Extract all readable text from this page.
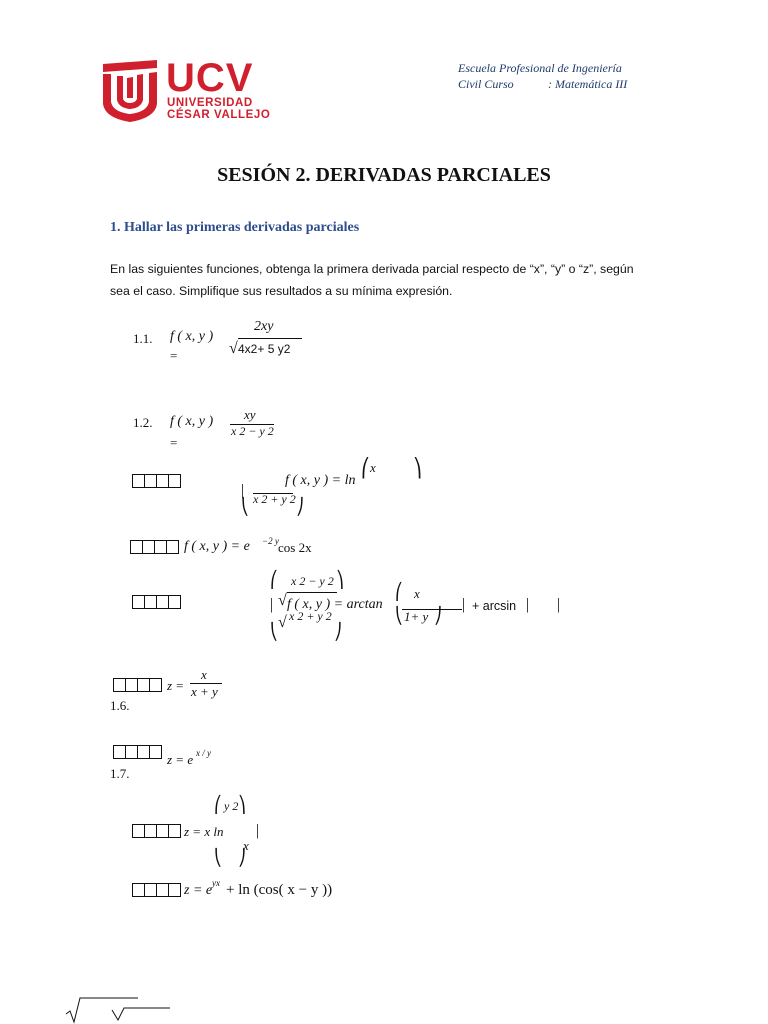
UCV
UNIVERSIDAD
CÉSAR VALLEJO
Escuela Profesional de Ingeniería
Civil Curso	: Matemática III
SESIÓN 2. DERIVADAS PARCIALES
1. Hallar las primeras derivadas parciales
En las siguientes funciones, obtenga la primera derivada parcial respecto de “x”, “y” o “z”, según
sea el caso. Simplifique sus resultados a su mínima expresión.
1.1. f ( x, y )
=
2xy
√ 4x2+ 5 y2
1.2. f ( x, y )
=
xy
x 2 − y 2
f ( x, y ) = ln
⎛ x ⎞
| x 2 + y 2
⎝	⎠
f ( x, y ) = e −2 y cos 2x
⎛ x 2 − y 2 ⎞
| √ f ( x, y ) = arctan
√ x 2 + y 2
⎝	⎠
⎛ x
⎝ 1+ y ⎠
| + arcsin | |
1.6.
z =
x
x + y
1.7.
z = e x / y
⎛ y 2 ⎞
z = x ln |
x
⎝ ⎠
z = e yx + ln (cos( x − y ))
